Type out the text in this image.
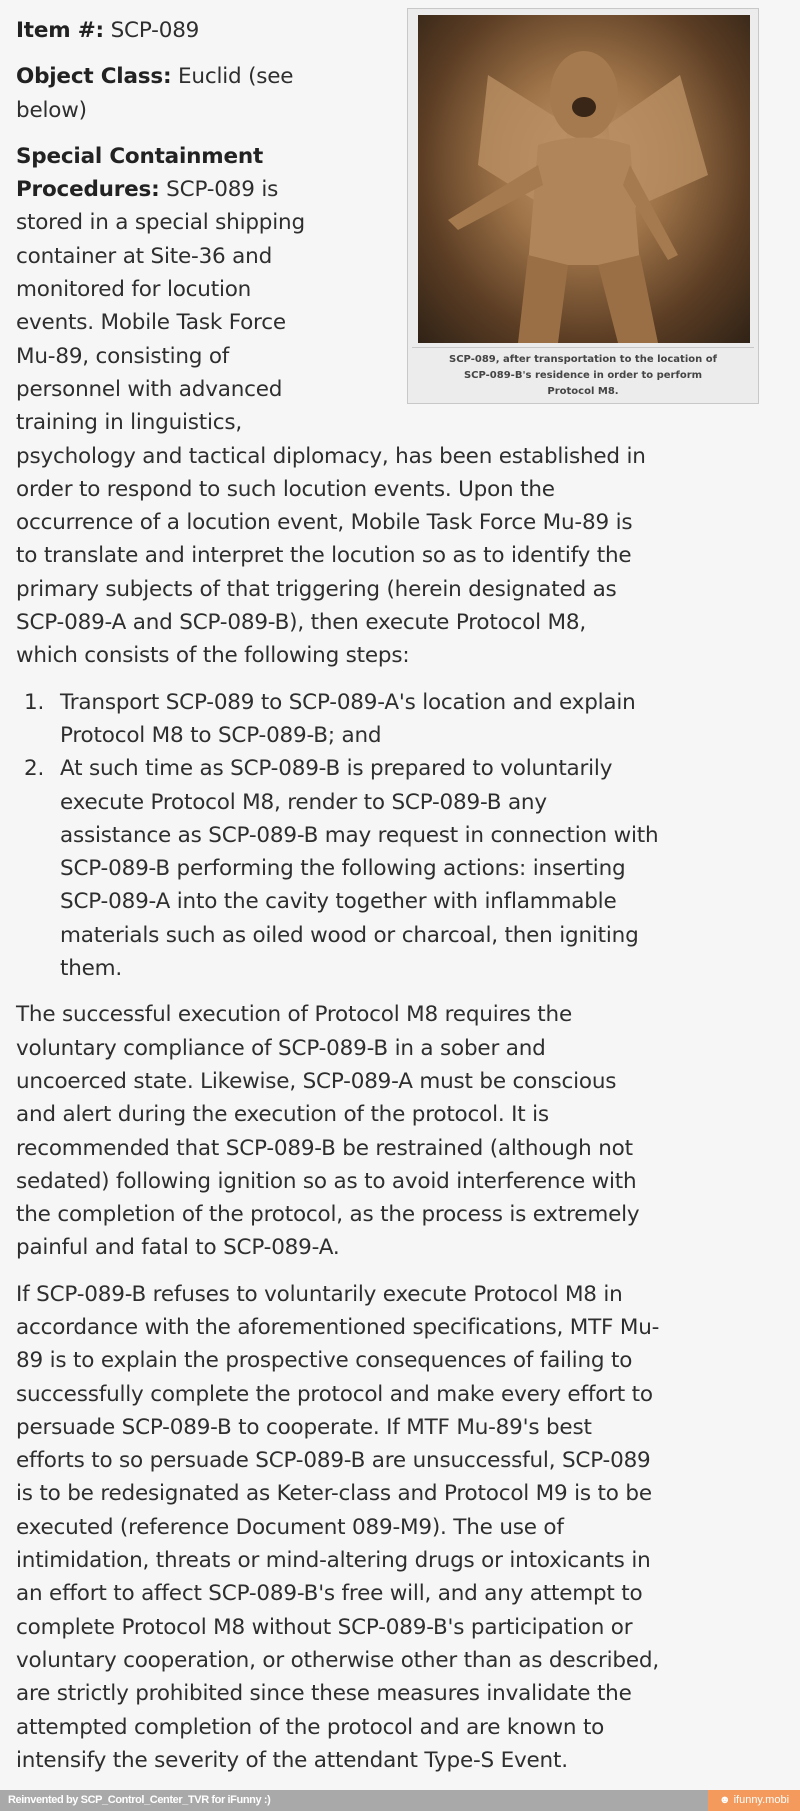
SCP-089, after transportation to the location of
SCP-089-B's residence in order to perform
Protocol M8.
Item #: SCP-089
Object Class: Euclid (see
below)
Special Containment
Procedures: SCP-089 is
stored in a special shipping
container at Site-36 and
monitored for locution
events. Mobile Task Force
Mu-89, consisting of
personnel with advanced
training in linguistics,
psychology and tactical diplomacy, has been established in
order to respond to such locution events. Upon the
occurrence of a locution event, Mobile Task Force Mu-89 is
to translate and interpret the locution so as to identify the
primary subjects of that triggering (herein designated as
SCP-089-A and SCP-089-B), then execute Protocol M8,
which consists of the following steps:
1. Transport SCP-089 to SCP-089-A's location and explain
Protocol M8 to SCP-089-B; and
2. At such time as SCP-089-B is prepared to voluntarily
execute Protocol M8, render to SCP-089-B any
assistance as SCP-089-B may request in connection with
SCP-089-B performing the following actions: inserting
SCP-089-A into the cavity together with inflammable
materials such as oiled wood or charcoal, then igniting
them.
The successful execution of Protocol M8 requires the
voluntary compliance of SCP-089-B in a sober and
uncoerced state. Likewise, SCP-089-A must be conscious
and alert during the execution of the protocol. It is
recommended that SCP-089-B be restrained (although not
sedated) following ignition so as to avoid interference with
the completion of the protocol, as the process is extremely
painful and fatal to SCP-089-A.
If SCP-089-B refuses to voluntarily execute Protocol M8 in
accordance with the aforementioned specifications, MTF Mu-
89 is to explain the prospective consequences of failing to
successfully complete the protocol and make every effort to
persuade SCP-089-B to cooperate. If MTF Mu-89's best
efforts to so persuade SCP-089-B are unsuccessful, SCP-089
is to be redesignated as Keter-class and Protocol M9 is to be
executed (reference Document 089-M9). The use of
intimidation, threats or mind-altering drugs or intoxicants in
an effort to affect SCP-089-B's free will, and any attempt to
complete Protocol M8 without SCP-089-B's participation or
voluntary cooperation, or otherwise other than as described,
are strictly prohibited since these measures invalidate the
attempted completion of the protocol and are known to
intensify the severity of the attendant Type-S Event.
Reinvented by SCP_Control_Center_TVR for iFunny :)	☻ ifunny.mobi
